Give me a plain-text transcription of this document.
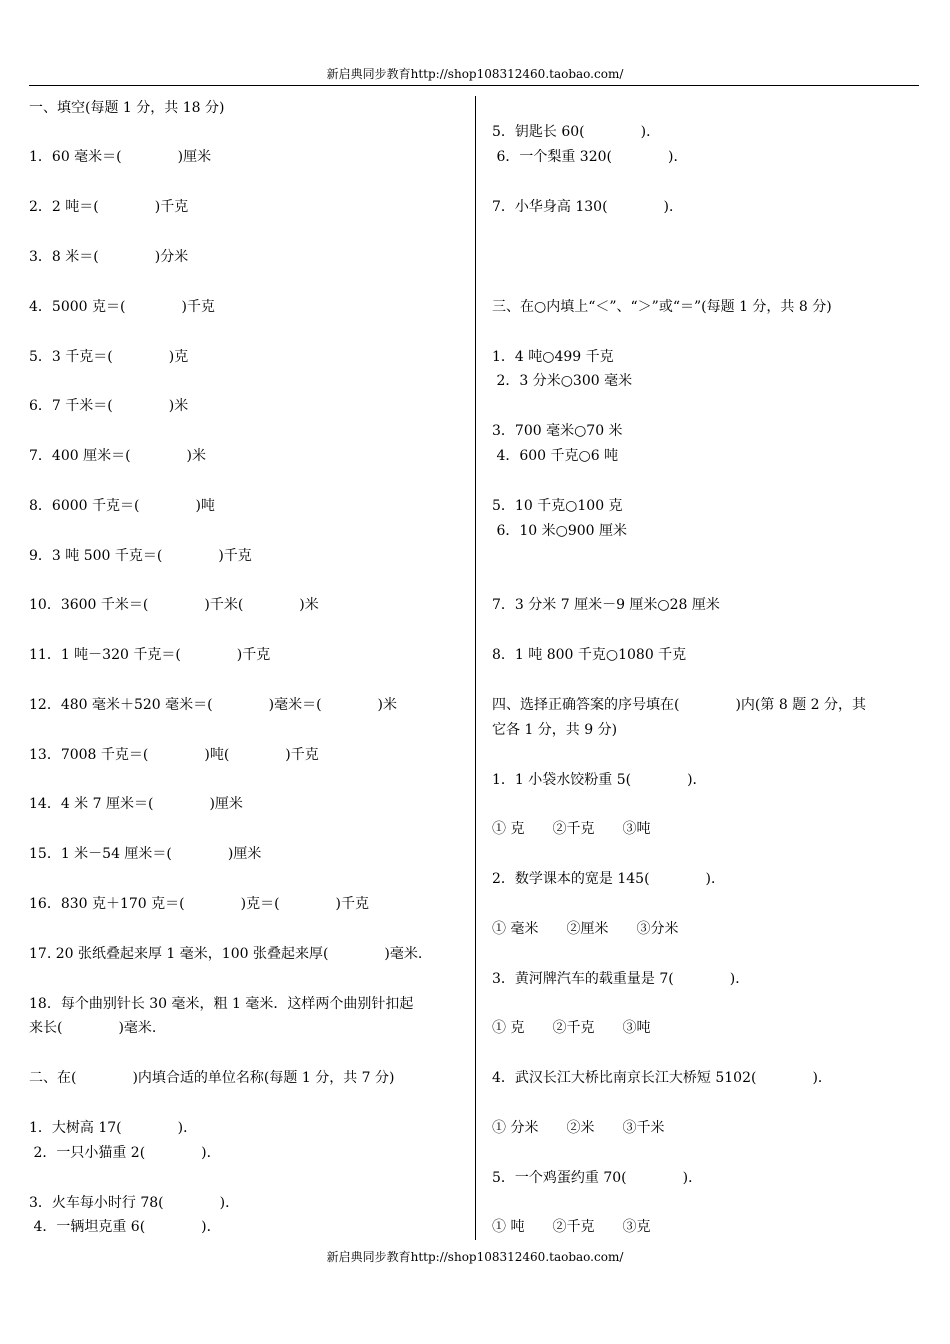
新启典同步教育http://shop108312460.taobao.com/
一、填空(每题 1 分，共 18 分)
1．60 毫米＝(　　　　)厘米
2．2 吨＝(　　　　)千克
3．8 米＝(　　　　)分米
4．5000 克＝(　　　　)千克
5．3 千克＝(　　　　)克
6．7 千米＝(　　　　)米
7．400 厘米＝(　　　　)米
8．6000 千克＝(　　　　)吨
9．3 吨 500 千克＝(　　　　)千克
10．3600 千米＝(　　　　)千米(　　　　)米
11．1 吨－320 千克＝(　　　　)千克
12．480 毫米＋520 毫米＝(　　　　)毫米＝(　　　　)米
13．7008 千克＝(　　　　)吨(　　　　)千克
14．4 米 7 厘米＝(　　　　)厘米
15．1 米－54 厘米＝(　　　　)厘米
16．830 克＋170 克＝(　　　　)克＝(　　　　)千克
17. 20 张纸叠起来厚 1 毫米，100 张叠起来厚(　　　　)毫米.
18．每个曲别针长 30 毫米，粗 1 毫米．这样两个曲别针扣起
来长(　　　　)毫米.
二、在(　　　　)内填合适的单位名称(每题 1 分，共 7 分)
1．大树高 17(　　　　)．
2．一只小猫重 2(　　　　)．
3．火车每小时行 78(　　　　)．
4．一辆坦克重 6(　　　　)．
5．钥匙长 60(　　　　)．
6．一个梨重 320(　　　　)．
7．小华身高 130(　　　　)．
三、在○内填上“＜”、“＞”或“＝”(每题 1 分，共 8 分)
1．4 吨○499 千克
2．3 分米○300 毫米
3．700 毫米○70 米
4．600 千克○6 吨
5．10 千克○100 克
6．10 米○900 厘米
7．3 分米 7 厘米－9 厘米○28 厘米
8．1 吨 800 千克○1080 千克
四、选择正确答案的序号填在(　　　　)内(第 8 题 2 分，其
它各 1 分，共 9 分)
1．1 小袋水饺粉重 5(　　　　)．
① 克　　②千克　　③吨
2．数学课本的宽是 145(　　　　)．
① 毫米　　②厘米　　③分米
3．黄河牌汽车的载重量是 7(　　　　)．
① 克　　②千克　　③吨
4．武汉长江大桥比南京长江大桥短 5102(　　　　)．
① 分米　　②米　　③千米
5．一个鸡蛋约重 70(　　　　)．
① 吨　　②千克　　③克
新启典同步教育http://shop108312460.taobao.com/
